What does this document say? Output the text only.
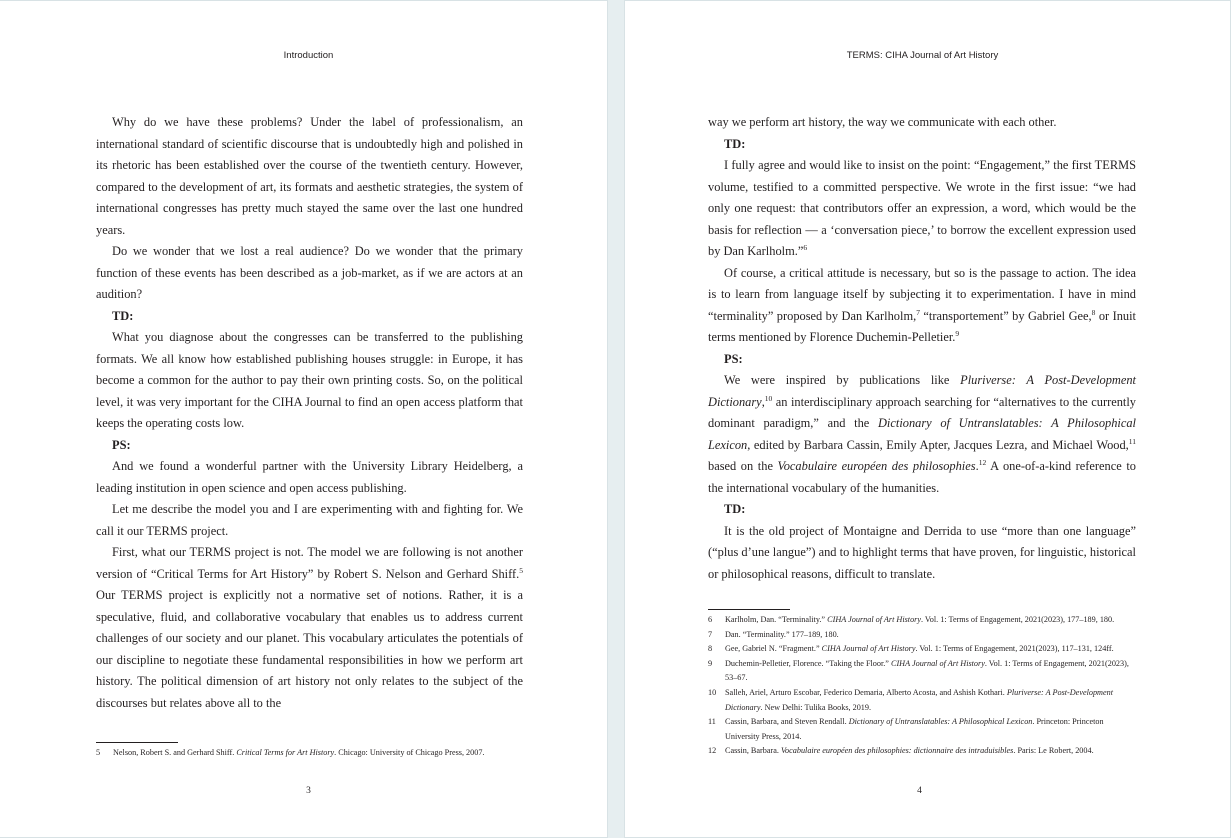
Introduction

Why do we have these problems? Under the label of professionalism, an international standard of scientific discourse that is undoubtedly high and polished in its rhetoric has been established over the course of the twentieth century. However, compared to the development of art, its formats and aesthetic strategies, the system of international congresses has pretty much stayed the same over the last one hundred years.

Do we wonder that we lost a real audience? Do we wonder that the primary function of these events has been described as a job-market, as if we are actors at an audition?

TD:

What you diagnose about the congresses can be transferred to the publishing formats. We all know how established publishing houses struggle: in Europe, it has become a common for the author to pay their own printing costs. So, on the political level, it was very important for the CIHA Journal to find an open access platform that keeps the operating costs low.

PS:

And we found a wonderful partner with the University Library Heidelberg, a leading institution in open science and open access publishing.

Let me describe the model you and I are experimenting with and fighting for. We call it our TERMS project.

First, what our TERMS project is not. The model we are following is not another version of “Critical Terms for Art History” by Robert S. Nelson and Gerhard Shiff.$^5$ Our TERMS project is explicitly not a normative set of notions. Rather, it is a speculative, fluid, and collaborative vocabulary that enables us to address current challenges of our society and our planet. This vocabulary articulates the potentials of our discipline to negotiate these fundamental responsibilities in how we perform art history. The political dimension of art history not only relates to the subject of the discourses but relates above all to the

5	Nelson, Robert S. and Gerhard Shiff. Critical Terms for Art History. Chicago: University of Chicago Press, 2007.
3
TERMS: CIHA Journal of Art History

way we perform art history, the way we communicate with each other.

TD:

I fully agree and would like to insist on the point: “Engagement,” the first TERMS volume, testified to a committed perspective. We wrote in the first issue: “we had only one request: that contributors offer an expression, a word, which would be the basis for reflection — a ‘conversation piece,’ to borrow the excellent expression used by Dan Karlholm.”$^6$

Of course, a critical attitude is necessary, but so is the passage to action. The idea is to learn from language itself by subjecting it to experimentation. I have in mind “terminality” proposed by Dan Karlholm,$^7$ “transportement” by Gabriel Gee,$^8$ or Inuit terms mentioned by Florence Duchemin-Pelletier.$^9$

PS:

We were inspired by publications like Pluriverse: A Post-Development Dictionary,$^{10}$ an interdisciplinary approach searching for “alternatives to the currently dominant paradigm,” and the Dictionary of Untranslatables: A Philosophical Lexicon, edited by Barbara Cassin, Emily Apter, Jacques Lezra, and Michael Wood,$^{11}$ based on the Vocabulaire européen des philosophies.$^{12}$ A one-of-a-kind reference to the international vocabulary of the humanities.

TD:

It is the old project of Montaigne and Derrida to use “more than one language” (“plus d’une langue”) and to highlight terms that have proven, for linguistic, historical or philosophical reasons, difficult to translate.

6	Karlholm, Dan. “Terminality.” CIHA Journal of Art History. Vol. 1: Terms of Engagement, 2021(2023), 177–189, 180.
7	Dan. “Terminality.” 177–189, 180.
8	Gee, Gabriel N. “Fragment.” CIHA Journal of Art History. Vol. 1: Terms of Engagement, 2021(2023), 117–131, 124ff.
9	Duchemin-Pelletier, Florence. “Taking the Floor.” CIHA Journal of Art History. Vol. 1: Terms of Engagement, 2021(2023), 53–67.
10	Salleh, Ariel, Arturo Escobar, Federico Demaria, Alberto Acosta, and Ashish Kothari. Pluriverse: A Post-Development Dictionary. New Delhi: Tulika Books, 2019.
11	Cassin, Barbara, and Steven Rendall. Dictionary of Untranslatables: A Philosophical Lexicon. Princeton: Princeton University Press, 2014.
12	Cassin, Barbara. Vocabulaire européen des philosophies: dictionnaire des intraduisibles. Paris: Le Robert, 2004.
4
